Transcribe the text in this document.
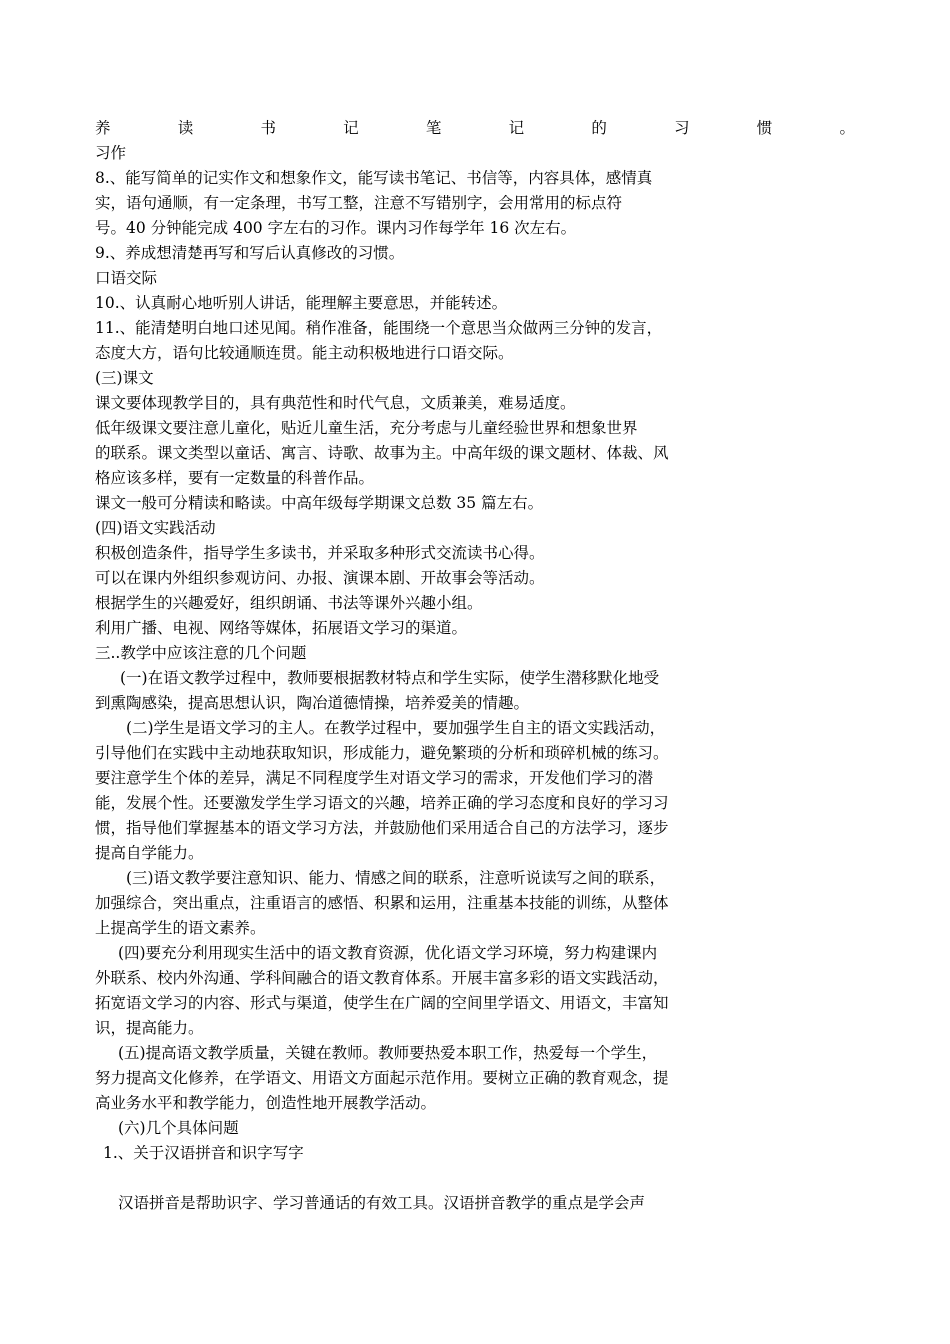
养	读	书	记	笔	记	的	习	惯	。
习作
8.、能写简单的记实作文和想象作文，能写读书笔记、书信等，内容具体，感情真
实，语句通顺，有一定条理，书写工整，注意不写错别字，会用常用的标点符
号。40 分钟能完成 400 字左右的习作。课内习作每学年 16 次左右。
9.、养成想清楚再写和写后认真修改的习惯。
口语交际
10.、认真耐心地听别人讲话，能理解主要意思，并能转述。
11.、能清楚明白地口述见闻。稍作准备，能围绕一个意思当众做两三分钟的发言，
态度大方，语句比较通顺连贯。能主动积极地进行口语交际。
(三)课文
课文要体现教学目的，具有典范性和时代气息，文质兼美，难易适度。
低年级课文要注意儿童化，贴近儿童生活，充分考虑与儿童经验世界和想象世界
的联系。课文类型以童话、寓言、诗歌、故事为主。中高年级的课文题材、体裁、风
格应该多样，要有一定数量的科普作品。
课文一般可分精读和略读。中高年级每学期课文总数 35 篇左右。
(四)语文实践活动
积极创造条件，指导学生多读书，并采取多种形式交流读书心得。
可以在课内外组织参观访问、办报、演课本剧、开故事会等活动。
根据学生的兴趣爱好，组织朗诵、书法等课外兴趣小组。
利用广播、电视、网络等媒体，拓展语文学习的渠道。
三..教学中应该注意的几个问题
(一)在语文教学过程中，教师要根据教材特点和学生实际，使学生潜移默化地受
到熏陶感染，提高思想认识，陶冶道德情操，培养爱美的情趣。
(二)学生是语文学习的主人。在教学过程中，要加强学生自主的语文实践活动，
引导他们在实践中主动地获取知识，形成能力，避免繁琐的分析和琐碎机械的练习。
要注意学生个体的差异，满足不同程度学生对语文学习的需求，开发他们学习的潜
能，发展个性。还要激发学生学习语文的兴趣，培养正确的学习态度和良好的学习习
惯，指导他们掌握基本的语文学习方法，并鼓励他们采用适合自己的方法学习，逐步
提高自学能力。
(三)语文教学要注意知识、能力、情感之间的联系，注意听说读写之间的联系，
加强综合，突出重点，注重语言的感悟、积累和运用，注重基本技能的训练，从整体
上提高学生的语文素养。
(四)要充分利用现实生活中的语文教育资源，优化语文学习环境，努力构建课内
外联系、校内外沟通、学科间融合的语文教育体系。开展丰富多彩的语文实践活动，
拓宽语文学习的内容、形式与渠道，使学生在广阔的空间里学语文、用语文，丰富知
识，提高能力。
(五)提高语文教学质量，关键在教师。教师要热爱本职工作，热爱每一个学生，
努力提高文化修养，在学语文、用语文方面起示范作用。要树立正确的教育观念，提
高业务水平和教学能力，创造性地开展教学活动。
(六)几个具体问题
1.、关于汉语拼音和识字写字
汉语拼音是帮助识字、学习普通话的有效工具。汉语拼音教学的重点是学会声
